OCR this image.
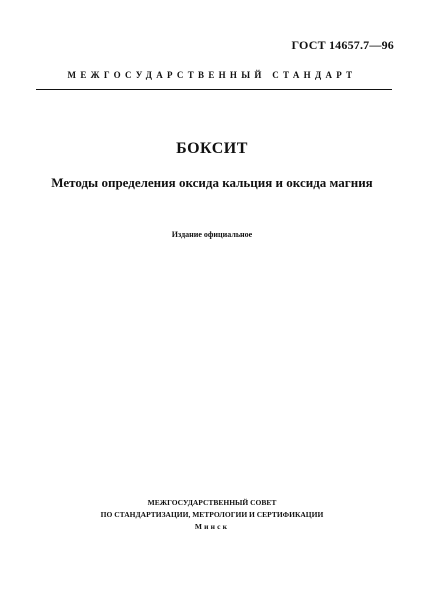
ГОСТ 14657.7—96
МЕЖГОСУДАРСТВЕННЫЙ СТАНДАРТ
БОКСИТ
Методы определения оксида кальция и оксида магния
Издание официальное
МЕЖГОСУДАРСТВЕННЫЙ СОВЕТ
ПО СТАНДАРТИЗАЦИИ, МЕТРОЛОГИИ И СЕРТИФИКАЦИИ
Минск
